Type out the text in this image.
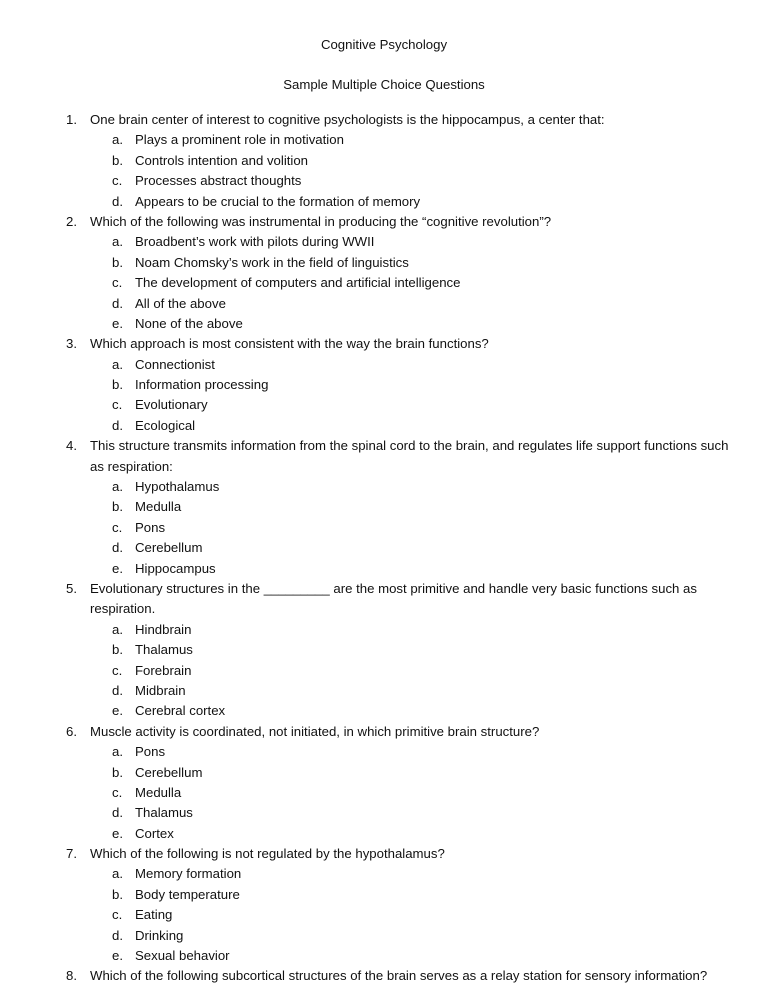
Cognitive Psychology
Sample Multiple Choice Questions
1. One brain center of interest to cognitive psychologists is the hippocampus, a center that:
a. Plays a prominent role in motivation
b. Controls intention and volition
c. Processes abstract thoughts
d. Appears to be crucial to the formation of memory
2. Which of the following was instrumental in producing the “cognitive revolution”?
a. Broadbent’s work with pilots during WWII
b. Noam Chomsky’s work in the field of linguistics
c. The development of computers and artificial intelligence
d. All of the above
e. None of the above
3. Which approach is most consistent with the way the brain functions?
a. Connectionist
b. Information processing
c. Evolutionary
d. Ecological
4. This structure transmits information from the spinal cord to the brain, and regulates life support functions such
as respiration:
a. Hypothalamus
b. Medulla
c. Pons
d. Cerebellum
e. Hippocampus
5. Evolutionary structures in the _________ are the most primitive and handle very basic functions such as
respiration.
a. Hindbrain
b. Thalamus
c. Forebrain
d. Midbrain
e. Cerebral cortex
6. Muscle activity is coordinated, not initiated, in which primitive brain structure?
a. Pons
b. Cerebellum
c. Medulla
d. Thalamus
e. Cortex
7. Which of the following is not regulated by the hypothalamus?
a. Memory formation
b. Body temperature
c. Eating
d. Drinking
e. Sexual behavior
8. Which of the following subcortical structures of the brain serves as a relay station for sensory information?
